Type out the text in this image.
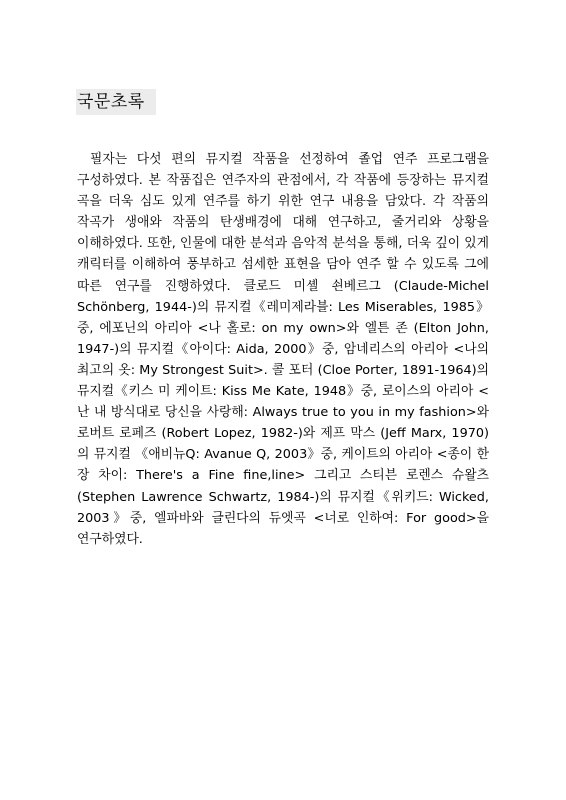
국문초록

필자는 다섯 편의 뮤지컬 작품을 선정하여 졸업 연주 프로그램을 구성하였다. 본 작품집은 연주자의 관점에서, 각 작품에 등장하는 뮤지컬 곡을 더욱 심도 있게 연주를 하기 위한 연구 내용을 담았다. 각 작품의 작곡가 생애와 작품의 탄생배경에 대해 연구하고, 줄거리와 상황을 이해하였다. 또한, 인물에 대한 분석과 음악적 분석을 통해, 더욱 깊이 있게 캐릭터를 이해하여 풍부하고 섬세한 표현을 담아 연주 할 수 있도록 그에 따른 연구를 진행하였다. 클로드 미셸 쇤베르그 (Claude-Michel Schönberg, 1944-)의 뮤지컬《레미제라블: Les Miserables, 1985》중, 에포닌의 아리아 <나 홀로: on my own>와 엘튼 존 (Elton John, 1947-)의 뮤지컬《아이다: Aida, 2000》중, 암네리스의 아리아 <나의 최고의 옷: My Strongest Suit>. 콜 포터 (Cloe Porter, 1891-1964)의 뮤지컬《키스 미 케이트: Kiss Me Kate, 1948》중, 로이스의 아리아 <난 내 방식대로 당신을 사랑해: Always true to you in my fashion>와 로버트 로페즈 (Robert Lopez, 1982-)와 제프 막스 (Jeff Marx, 1970)의 뮤지컬 《애비뉴Q: Avanue Q, 2003》중, 케이트의 아리아 <종이 한 장 차이: There's a Fine fine,line> 그리고 스티븐 로렌스 슈왈츠 (Stephen Lawrence Schwartz, 1984-)의 뮤지컬《위키드: Wicked, 2003》중, 엘파바와 글린다의 듀엣곡 <너로 인하여: For good>을 연구하였다.
